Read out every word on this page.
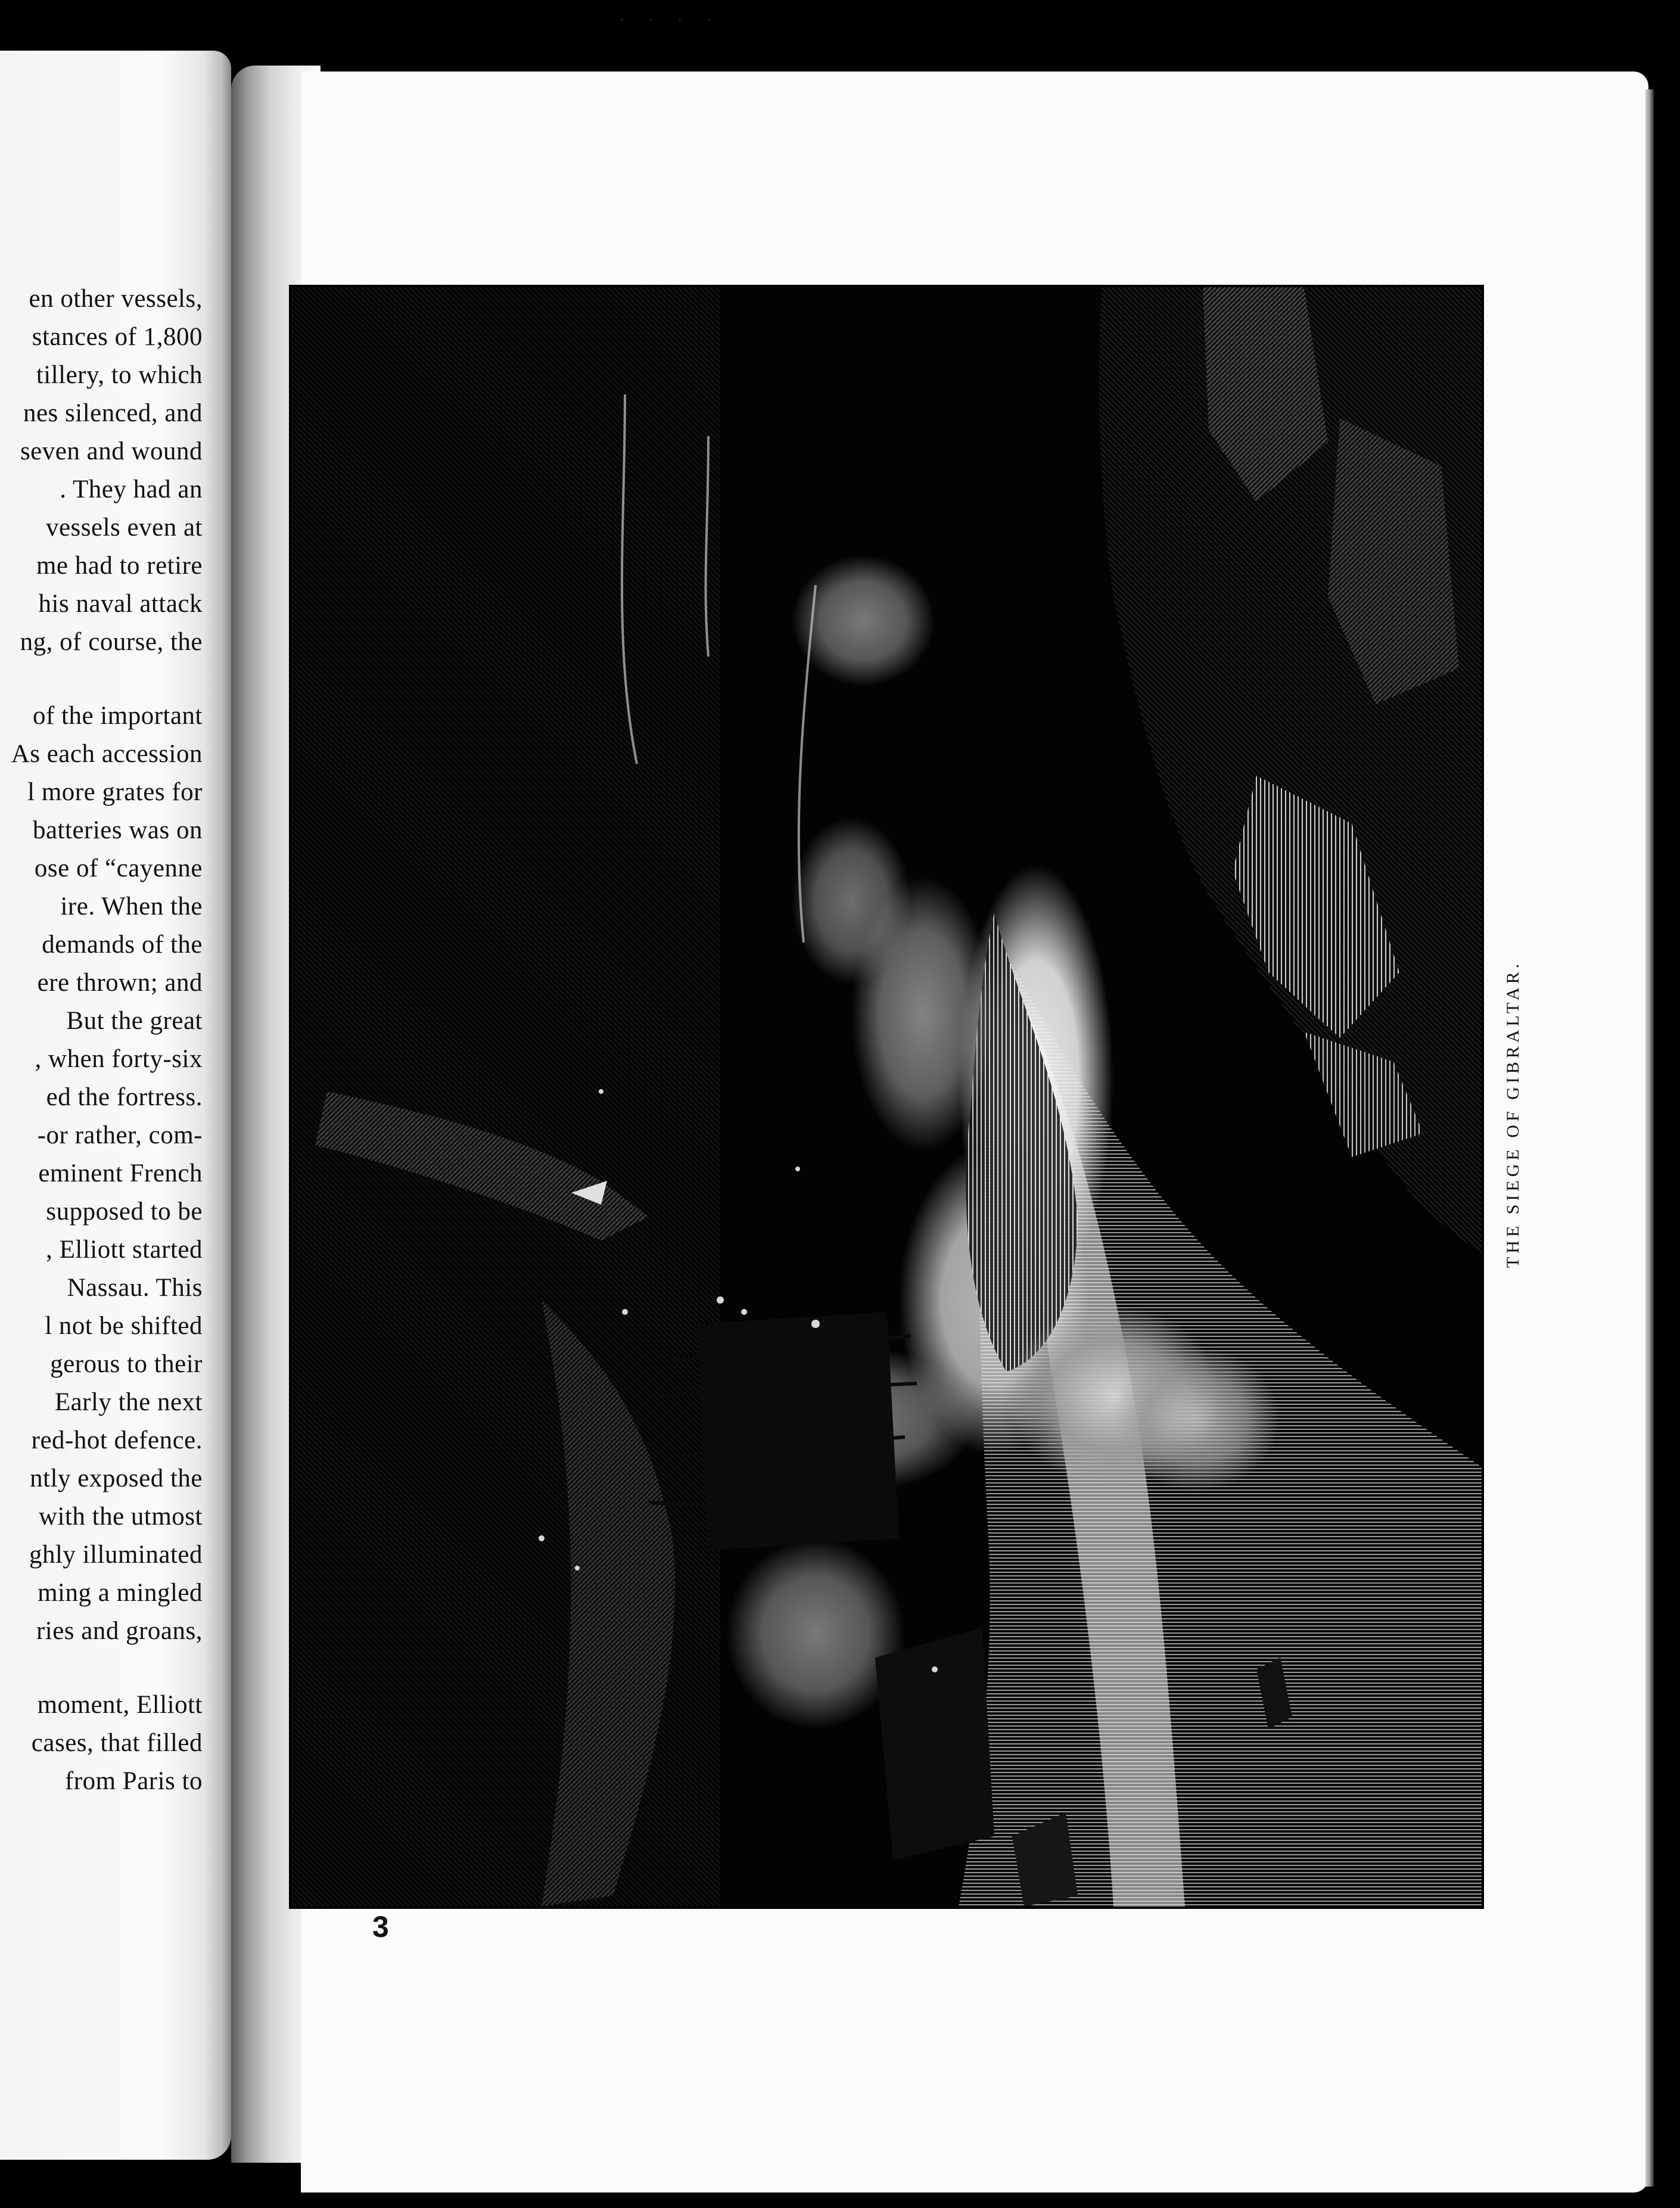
· · · ·
en other vessels,
stances of 1,800
tillery, to which
nes silenced, and
seven and wound
. They had an
vessels even at
me had to retire
his naval attack
ng, of course, the
of the important
As each accession
l more grates for
batteries was on
ose of “cayenne
ire. When the
demands of the
ere thrown; and
But the great
, when forty-six
ed the fortress.
-or rather, com-
eminent French
supposed to be
, Elliott started
Nassau. This
l not be shifted
gerous to their
Early the next
red-hot defence.
ntly exposed the
with the utmost
ghly illuminated
ming a mingled
ries and groans,
moment, Elliott
cases, that filled
from Paris to
THE SIEGE OF GIBRALTAR.
3
